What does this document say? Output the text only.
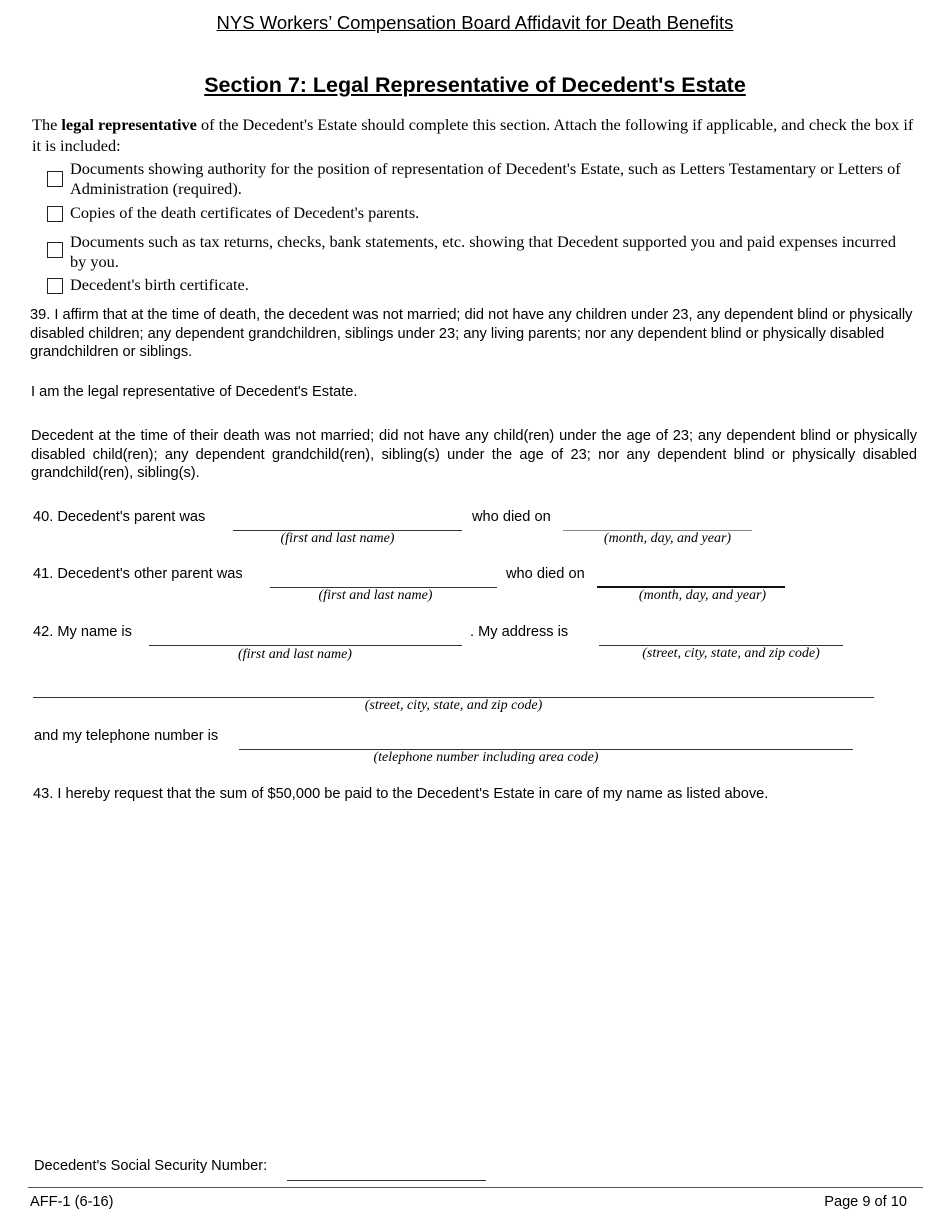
NYS Workers’ Compensation Board Affidavit for Death Benefits
Section 7: Legal Representative of Decedent's Estate
The legal representative of the Decedent's Estate should complete this section. Attach the following if applicable, and check the box if it is included:
Documents showing authority for the position of representation of Decedent's Estate, such as Letters Testamentary or Letters of Administration (required).
Copies of the death certificates of Decedent's parents.
Documents such as tax returns, checks, bank statements, etc. showing that Decedent supported you and paid expenses incurred by you.
Decedent's birth certificate.
39. I affirm that at the time of death, the decedent was not married; did not have any children under 23, any dependent blind or physically disabled children; any dependent grandchildren, siblings under 23; any living parents; nor any dependent blind or physically disabled grandchildren or siblings.
I am the legal representative of Decedent's Estate.
Decedent at the time of their death was not married; did not have any child(ren) under the age of 23; any dependent blind or physically disabled child(ren); any dependent grandchild(ren), sibling(s) under the age of 23; nor any dependent blind or physically disabled grandchild(ren), sibling(s).
40. Decedent's parent was
(first and last name)
who died on
(month, day, and year)
41. Decedent's other parent was
(first and last name)
who died on
(month, day, and year)
42. My name is
(first and last name)
. My address is
(street, city, state, and zip code)
(street, city, state, and zip code)
and my telephone number is
(telephone number including area code)
43. I hereby request that the sum of $50,000 be paid to the Decedent's Estate in care of my name as listed above.
Decedent's Social Security Number:
AFF-1 (6-16)	Page 9 of 10
